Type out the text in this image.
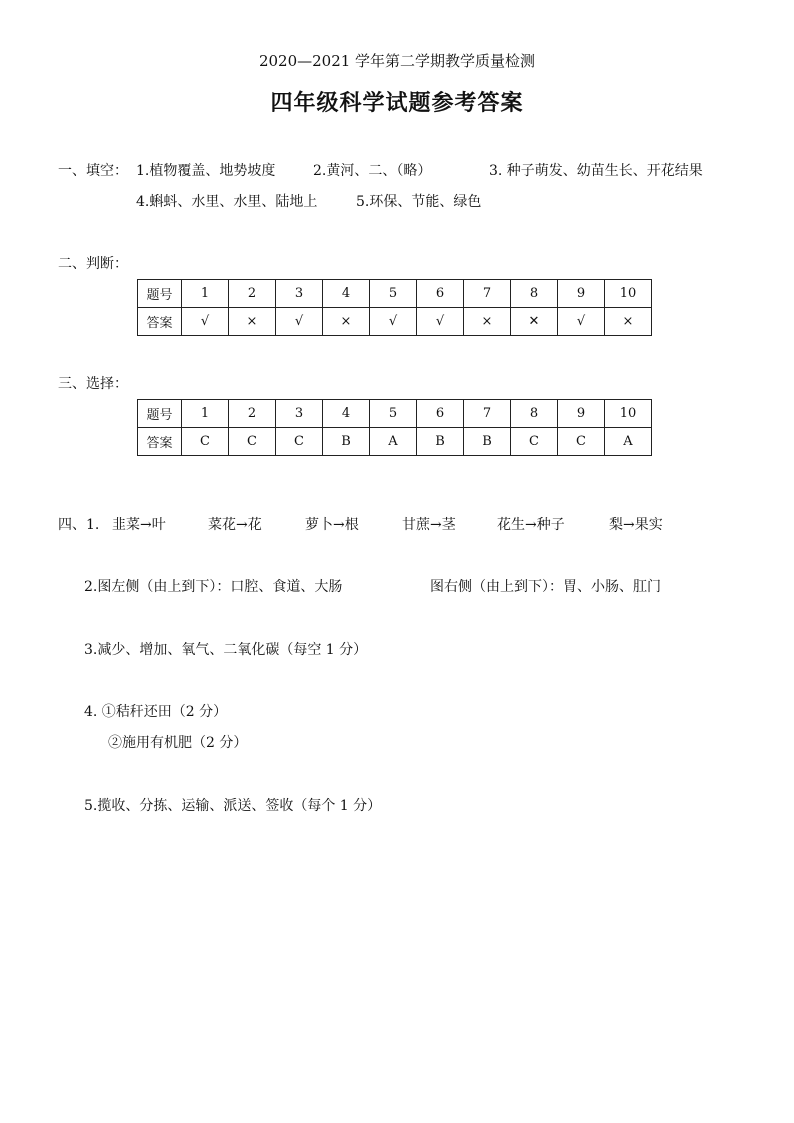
2020—2021 学年第二学期教学质量检测
四年级科学试题参考答案
一、填空： 1.植物覆盖、地势坡度	2.黄河、二、（略）	3. 种子萌发、幼苗生长、开花结果
4.蝌蚪、水里、水里、陆地上	5.环保、节能、绿色
二、判断：
题号	1	2	3	4	5	6	7	8	9	10
答案	√	×	√	×	√	√	×	✕	√	×
三、选择：
题号	1	2	3	4	5	6	7	8	9	10
答案	C	C	C	B	A	B	B	C	C	A
四、1. 韭菜→叶	菜花→花	萝卜→根	甘蔗→茎	花生→种子	梨→果实
2.图左侧（由上到下）：口腔、食道、大肠	图右侧（由上到下）：胃、小肠、肛门
3.减少、增加、氧气、二氧化碳（每空 1 分）
4. ①秸秆还田（2 分）
②施用有机肥（2 分）
5.揽收、分拣、运输、派送、签收（每个 1 分）
